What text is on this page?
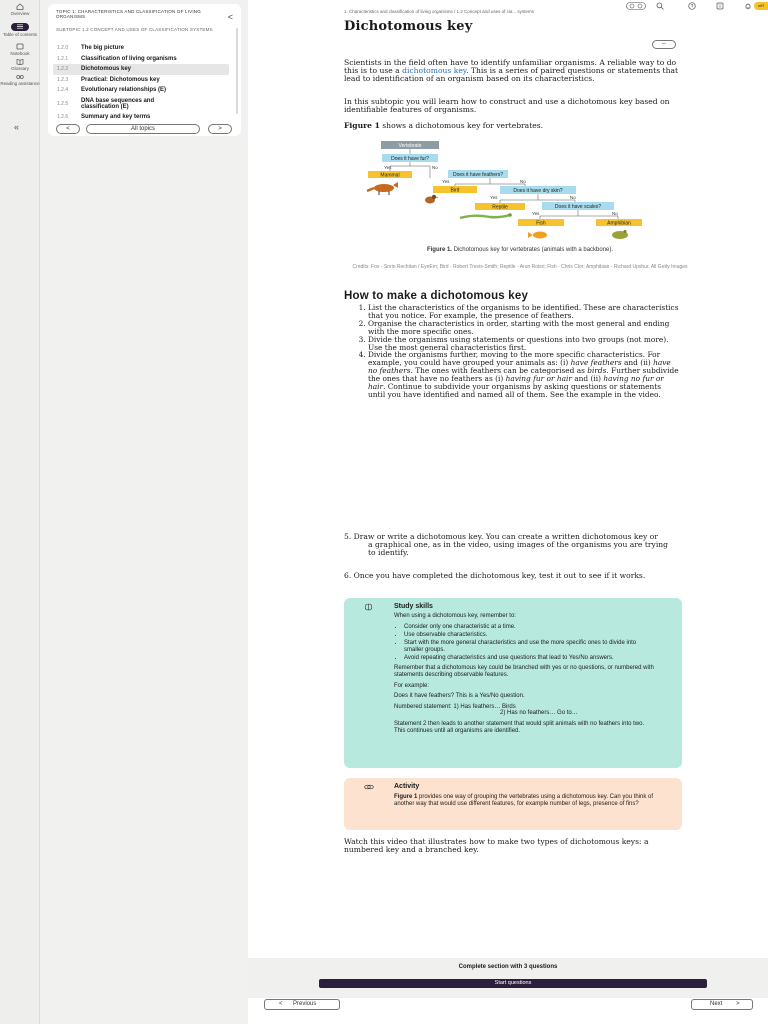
Overview
Table of contents
Notebook
Glossary
Reading assistance
«
TOPIC 1: CHARACTERISTICS AND CLASSIFICATION OF LIVING ORGANISMS	<
SUBTOPIC 1.2 CONCEPT AND USES OF CLASSIFICATION SYSTEMS
1.2.0	The big picture
1.2.1	Classification of living organisms
1.2.2	Dichotomous key
1.2.3	Practical: Dichotomous key
1.2.4	Evolutionary relationships (E)
1.2.5	DNA base sequences and classification (E)
1.2.6	Summary and key terms
<	All topics	>
mR
1. Characteristics and classification of living organisms / 1.2 Concept and uses of cla... systems
Dichotomous key
⇔

Scientists in the field often have to identify unfamiliar organisms. A reliable way to do this is to use a dichotomous key. This is a series of paired questions or statements that lead to identification of an organism based on its characteristics.

In this subtopic you will learn how to construct and use a dichotomous key based on identifiable features of organisms.

Figure 1 shows a dichotomous key for vertebrates.

Vertebrate
Does it have fur?
Yes	No
Mammal	Does it have feathers?
Yes	No
Bird	Does it have dry skin?
Yes	No
Reptile	Does it have scales?
Yes	No
Fish	Amphibian

Figure 1. Dichotomous key for vertebrates (animals with a backbone).

Credits: Fox - Sorin Rechitan / EyeEm; Bird - Robert Trevis-Smith; Reptile - Arun Roisri; Fish - Chris Clor; Amphibian - Richard Upshur. All Getty Images

How to make a dichotomous key
1. List the characteristics of the organisms to be identified. These are characteristics that you notice. For example, the presence of feathers.
2. Organise the characteristics in order, starting with the most general and ending with the more specific ones.
3. Divide the organisms using statements or questions into two groups (not more). Use the most general characteristics first.
4. Divide the organisms further, moving to the more specific characteristics. For example, you could have grouped your animals as: (i) have feathers and (ii) have no feathers. The ones with feathers can be categorised as birds. Further subdivide the ones that have no feathers as (i) having fur or hair and (ii) having no fur or hair. Continue to subdivide your organisms by asking questions or statements until you have identified and named all of them. See the example in the video.
5. Draw or write a dichotomous key. You can create a written dichotomous key or
a graphical one, as in the video, using images of the organisms you are trying
to identify.
6. Once you have completed the dichotomous key, test it out to see if it works.
Study skills

When using a dichotomous key, remember to:

• Consider only one characteristic at a time.
• Use observable characteristics.
• Start with the more general characteristics and use the more specific ones to divide into smaller groups.
• Avoid repeating characteristics and use questions that lead to Yes/No answers.

Remember that a dichotomous key could be branched with yes or no questions, or numbered with statements describing observable features.

For example:

Does it have feathers? This is a Yes/No question.

Numbered statement: 1) Has feathers… Birds
2) Has no feathers… Go to…

Statement 2 then leads to another statement that would split animals with no feathers into two. This continues until all organisms are identified.

Activity
Figure 1 provides one way of grouping the vertebrates using a dichotomous key. Can you think of another way that would use different features, for example number of legs, presence of fins?

Watch this video that illustrates how to make two types of dichotomous keys: a numbered key and a branched key.

Complete section with 3 questions
Start questions
< Previous	Next >
